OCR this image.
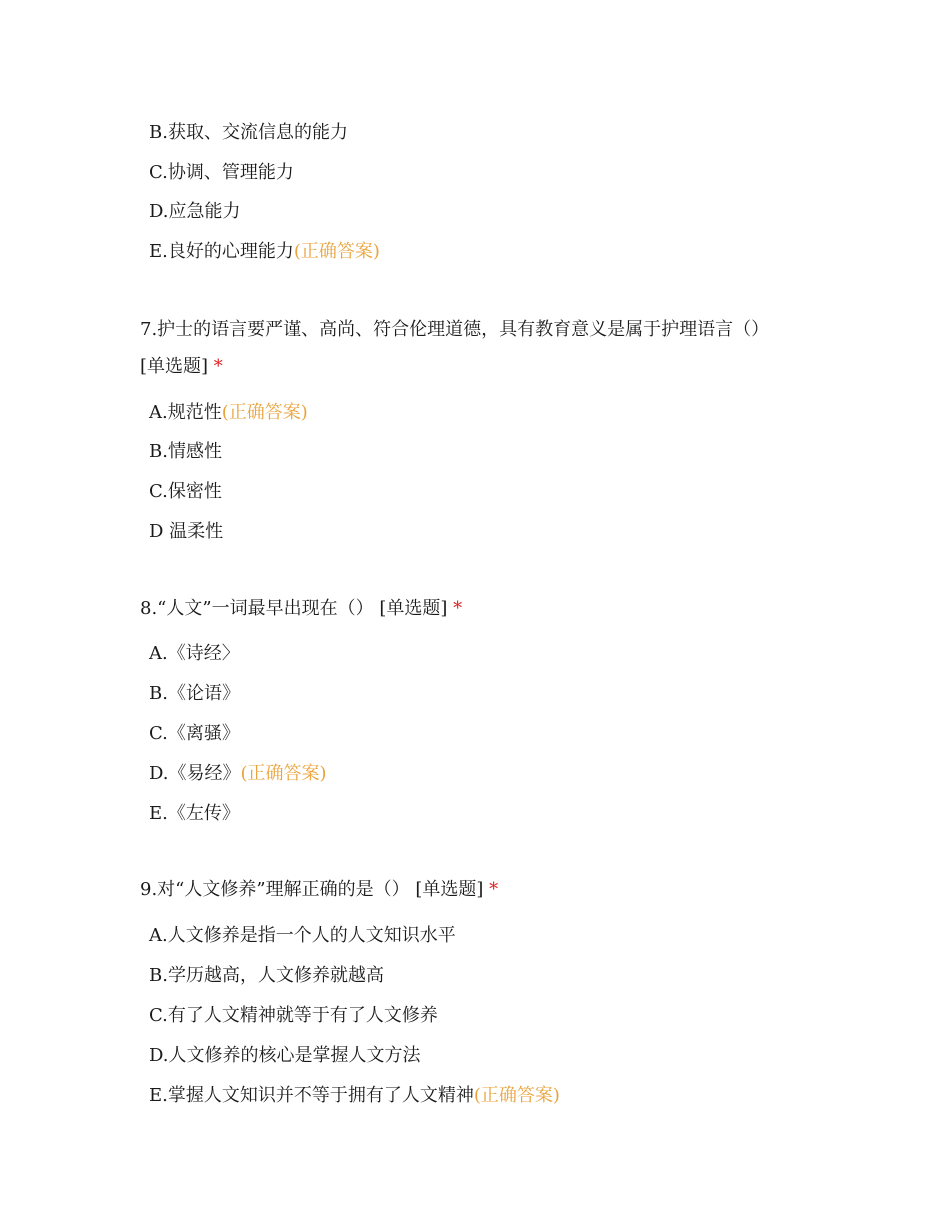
B.获取、交流信息的能力
C.协调、管理能力
D.应急能力
E.良好的心理能力(正确答案)
7.护士的语言要严谨、高尚、符合伦理道德，具有教育意义是属于护理语言（）
[单选题] *
A.规范性(正确答案)
B.情感性
C.保密性
D 温柔性
8.“人文”一词最早出现在（） [单选题] *
A.《诗经〉
B.《论语》
C.《离骚》
D.《易经》(正确答案)
E.《左传》
9.对“人文修养”理解正确的是（） [单选题] *
A.人文修养是指一个人的人文知识水平
B.学历越高，人文修养就越高
C.有了人文精神就等于有了人文修养
D.人文修养的核心是掌握人文方法
E.掌握人文知识并不等于拥有了人文精神(正确答案)
